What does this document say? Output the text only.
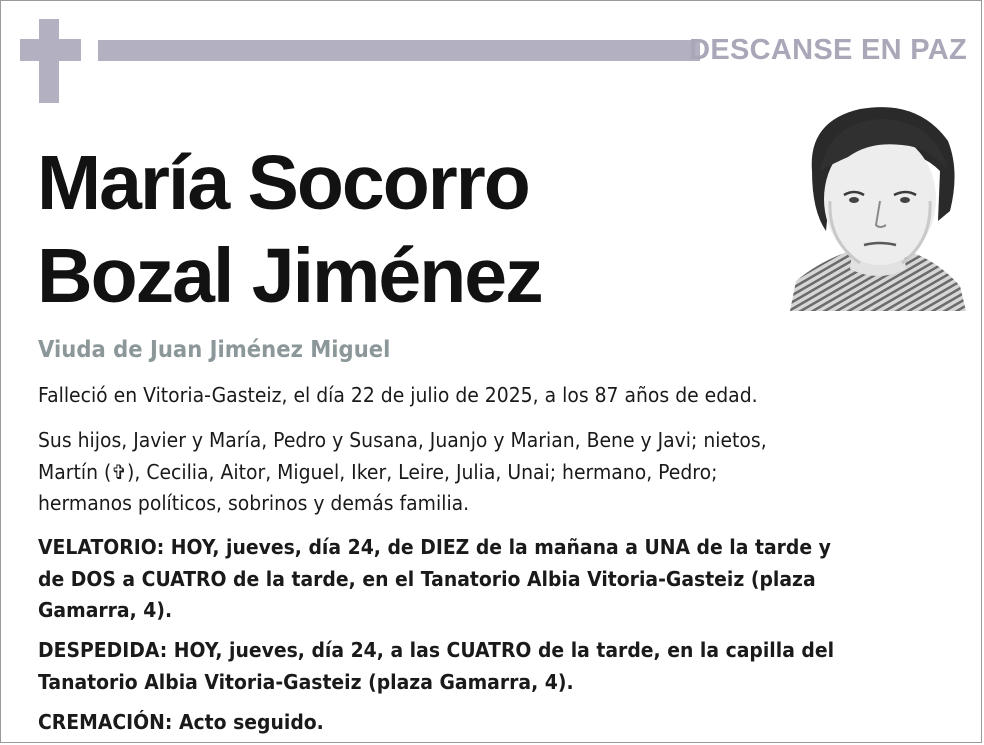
DESCANSE EN PAZ
María Socorro
Bozal Jiménez
Viuda de Juan Jiménez Miguel
Falleció en Vitoria-Gasteiz, el día 22 de julio de 2025, a los 87 años de edad.
Sus hijos, Javier y María, Pedro y Susana, Juanjo y Marian, Bene y Javi; nietos,
Martín (✞), Cecilia, Aitor, Miguel, Iker, Leire, Julia, Unai; hermano, Pedro;
hermanos políticos, sobrinos y demás familia.
VELATORIO: HOY, jueves, día 24, de DIEZ de la mañana a UNA de la tarde y
de DOS a CUATRO de la tarde, en el Tanatorio Albia Vitoria-Gasteiz (plaza
Gamarra, 4).
DESPEDIDA: HOY, jueves, día 24, a las CUATRO de la tarde, en la capilla del
Tanatorio Albia Vitoria-Gasteiz (plaza Gamarra, 4).
CREMACIÓN: Acto seguido.
